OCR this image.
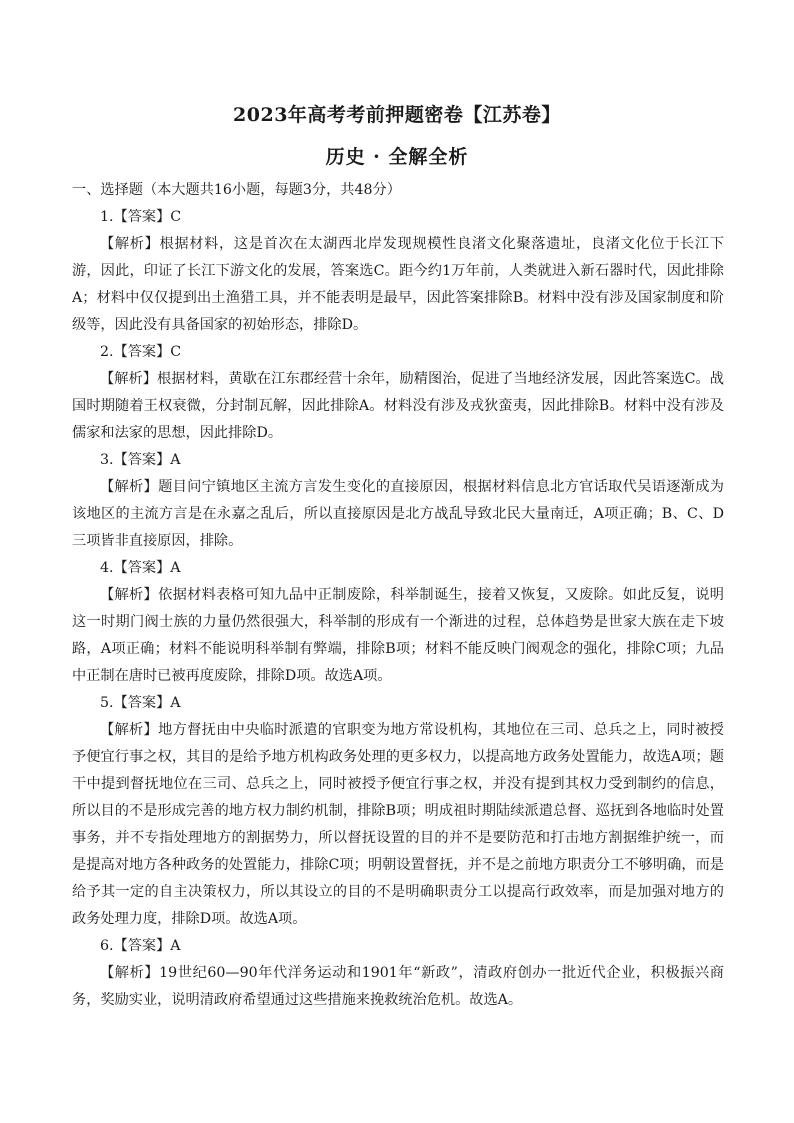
2023年高考考前押题密卷【江苏卷】
历史 · 全解全析

一、选择题（本大题共16小题，每题3分，共48分）

1.【答案】C

【解析】根据材料，这是首次在太湖西北岸发现规模性良渚文化聚落遗址，良渚文化位于长江下游，因此，印证了长江下游文化的发展，答案选C。距今约1万年前，人类就进入新石器时代，因此排除A；材料中仅仅提到出土渔猎工具，并不能表明是最早，因此答案排除B。材料中没有涉及国家制度和阶级等，因此没有具备国家的初始形态，排除D。

2.【答案】C

【解析】根据材料，黄歇在江东郡经营十余年，励精图治，促进了当地经济发展，因此答案选C。战国时期随着王权衰微，分封制瓦解，因此排除A。材料没有涉及戎狄蛮夷，因此排除B。材料中没有涉及儒家和法家的思想，因此排除D。

3.【答案】A

【解析】题目问宁镇地区主流方言发生变化的直接原因，根据材料信息北方官话取代吴语逐渐成为该地区的主流方言是在永嘉之乱后，所以直接原因是北方战乱导致北民大量南迁，A项正确；B、C、D三项皆非直接原因，排除。

4.【答案】A

【解析】依据材料表格可知九品中正制废除，科举制诞生，接着又恢复，又废除。如此反复，说明这一时期门阀士族的力量仍然很强大，科举制的形成有一个渐进的过程，总体趋势是世家大族在走下坡路，A项正确；材料不能说明科举制有弊端，排除B项；材料不能反映门阀观念的强化，排除C项；九品中正制在唐时已被再度废除，排除D项。故选A项。

5.【答案】A

【解析】地方督抚由中央临时派遣的官职变为地方常设机构，其地位在三司、总兵之上，同时被授予便宜行事之权，其目的是给予地方机构政务处理的更多权力，以提高地方政务处置能力，故选A项；题干中提到督抚地位在三司、总兵之上，同时被授予便宜行事之权，并没有提到其权力受到制约的信息，所以目的不是形成完善的地方权力制约机制，排除B项；明成祖时期陆续派遣总督、巡抚到各地临时处置事务，并不专指处理地方的割据势力，所以督抚设置的目的并不是要防范和打击地方割据维护统一，而是提高对地方各种政务的处置能力，排除C项；明朝设置督抚，并不是之前地方职责分工不够明确，而是给予其一定的自主决策权力，所以其设立的目的不是明确职责分工以提高行政效率，而是加强对地方的政务处理力度，排除D项。故选A项。

6.【答案】A

【解析】19世纪60—90年代洋务运动和1901年“新政”，清政府创办一批近代企业，积极振兴商务，奖励实业，说明清政府希望通过这些措施来挽救统治危机。故选A。
